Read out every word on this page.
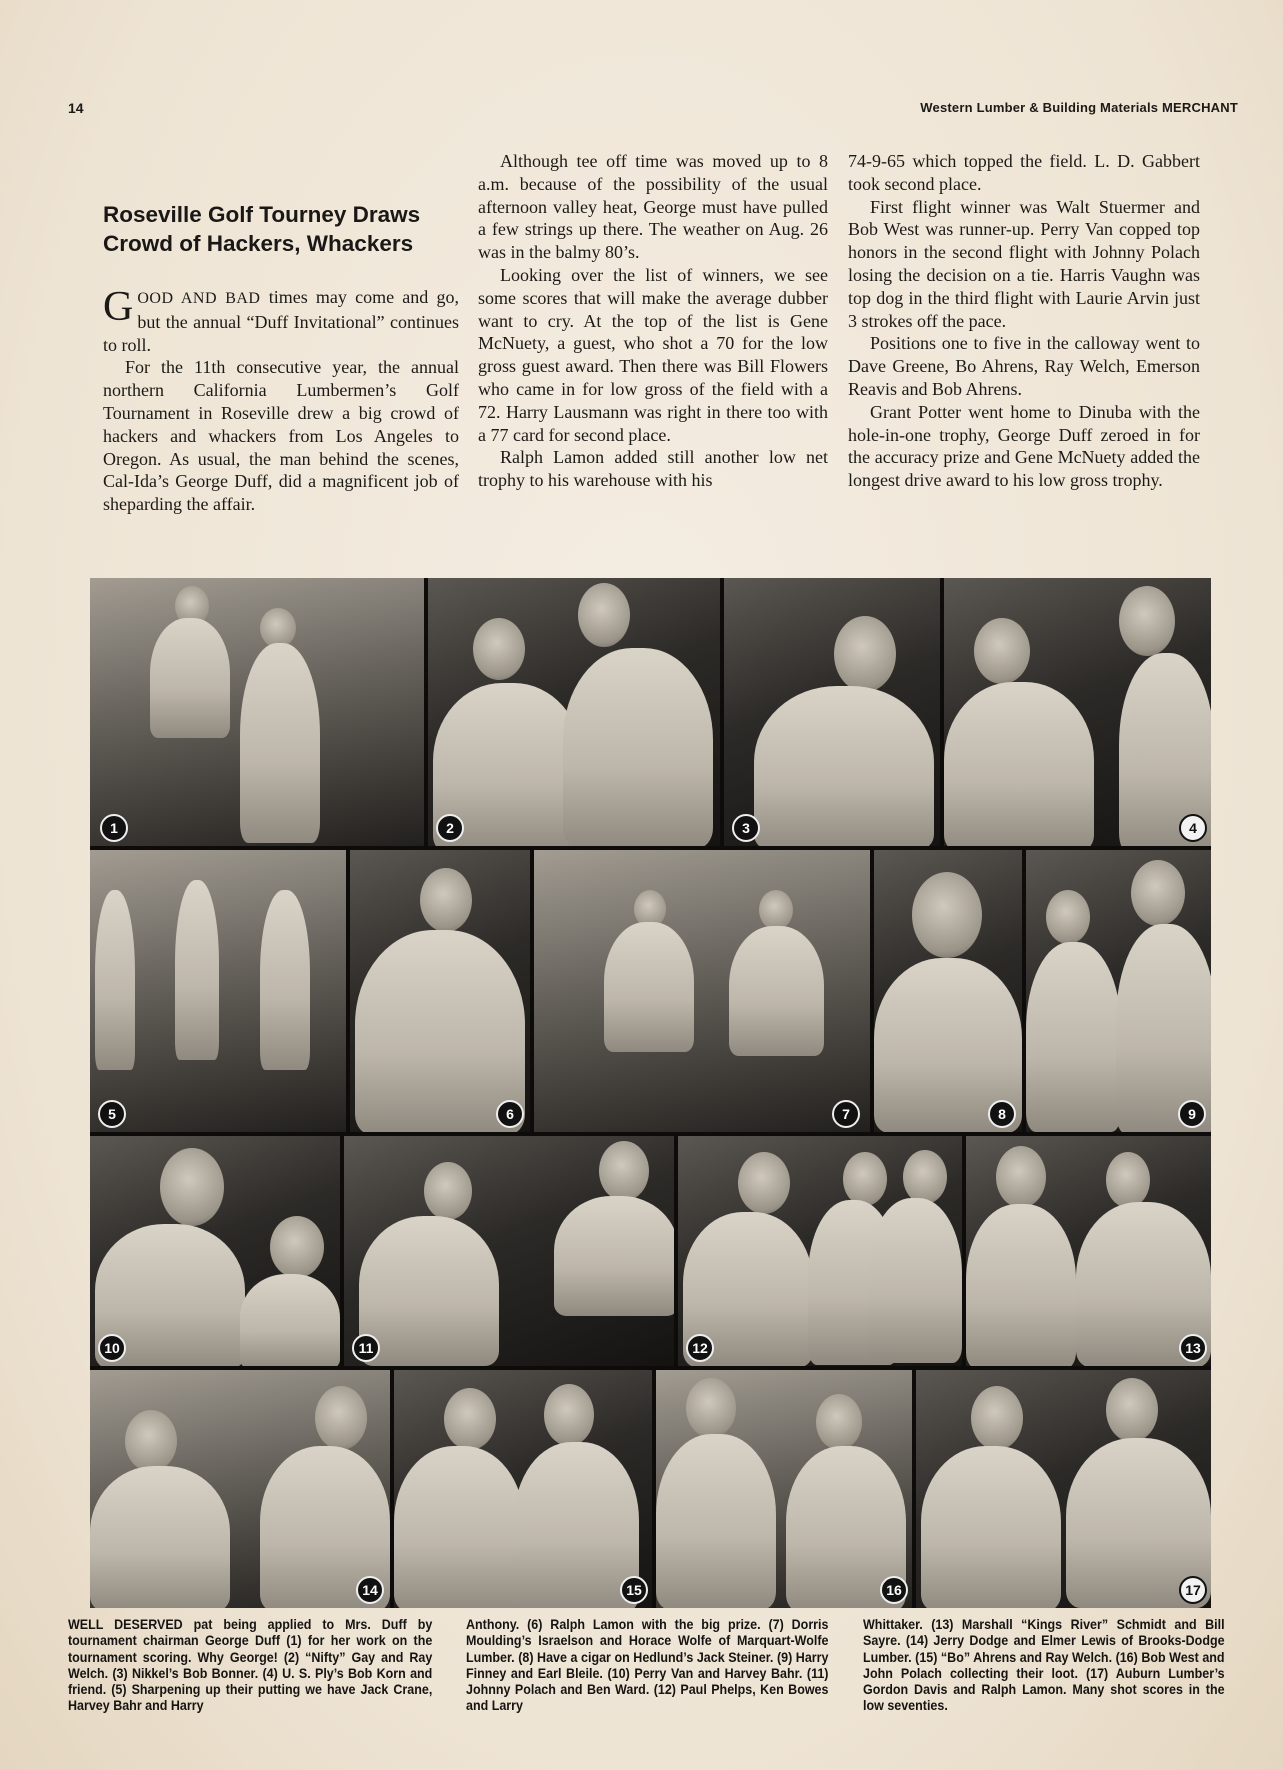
14	Western Lumber & Building Materials MERCHANT
Roseville Golf Tourney Draws Crowd of Hackers, Whackers

GOOD AND BAD times may come and go, but the annual “Duff Invitational” continues to roll.

For the 11th consecutive year, the annual northern California Lumbermen’s Golf Tournament in Roseville drew a big crowd of hackers and whackers from Los Angeles to Oregon. As usual, the man behind the scenes, Cal-Ida’s George Duff, did a magnificent job of sheparding the affair.

Although tee off time was moved up to 8 a.m. because of the possibility of the usual afternoon valley heat, George must have pulled a few strings up there. The weather on Aug. 26 was in the balmy 80’s.

Looking over the list of winners, we see some scores that will make the average dubber want to cry. At the top of the list is Gene McNuety, a guest, who shot a 70 for the low gross guest award. Then there was Bill Flowers who came in for low gross of the field with a 72. Harry Lausmann was right in there too with a 77 card for second place.

Ralph Lamon added still another low net trophy to his warehouse with his

74-9-65 which topped the field. L. D. Gabbert took second place.

First flight winner was Walt Stuermer and Bob West was runner-up. Perry Van copped top honors in the second flight with Johnny Polach losing the decision on a tie. Harris Vaughn was top dog in the third flight with Laurie Arvin just 3 strokes off the pace.

Positions one to five in the calloway went to Dave Greene, Bo Ahrens, Ray Welch, Emerson Reavis and Bob Ahrens.

Grant Potter went home to Dinuba with the hole-in-one trophy, George Duff zeroed in for the accuracy prize and Gene McNuety added the longest drive award to his low gross trophy.

1	2	3	4
5	6	7	8	9
10	11	12	13
14	15	16	17
WELL DESERVED pat being applied to Mrs. Duff by tournament chairman George Duff (1) for her work on the tournament scoring. Why George! (2) “Nifty” Gay and Ray Welch. (3) Nikkel’s Bob Bonner. (4) U. S. Ply’s Bob Korn and friend. (5) Sharpening up their putting we have Jack Crane, Harvey Bahr and Harry
Anthony. (6) Ralph Lamon with the big prize. (7) Dorris Moulding’s Israelson and Horace Wolfe of Marquart-Wolfe Lumber. (8) Have a cigar on Hedlund’s Jack Steiner. (9) Harry Finney and Earl Bleile. (10) Perry Van and Harvey Bahr. (11) Johnny Polach and Ben Ward. (12) Paul Phelps, Ken Bowes and Larry
Whittaker. (13) Marshall “Kings River” Schmidt and Bill Sayre. (14) Jerry Dodge and Elmer Lewis of Brooks-Dodge Lumber. (15) “Bo” Ahrens and Ray Welch. (16) Bob West and John Polach collecting their loot. (17) Auburn Lumber’s Gordon Davis and Ralph Lamon. Many shot scores in the low seventies.
